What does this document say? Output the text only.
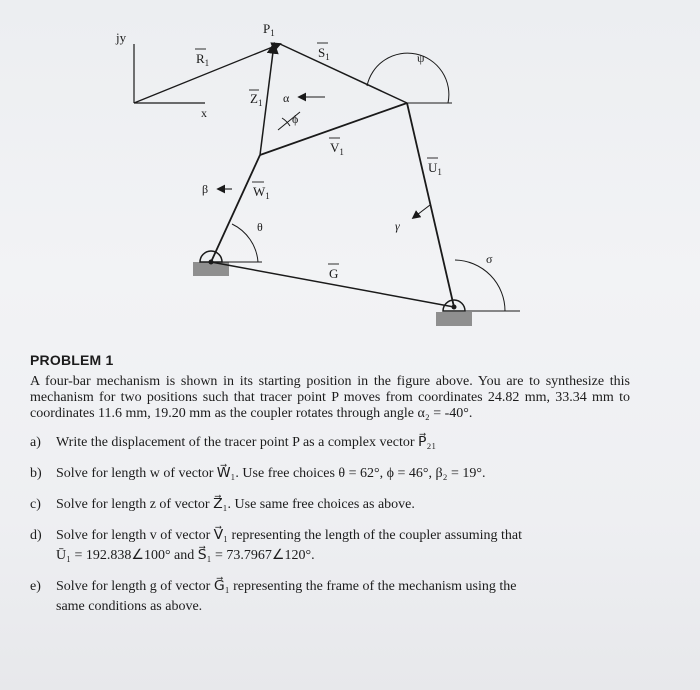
jy
x
$R_1$
$P_1$
$S_1$
$Z_1$ α
ϕ
$V_1$
ψ
$U_1$
β	$W_1$
θ	γ
G
σ
PROBLEM 1

A four-bar mechanism is shown in its starting position in the figure above. You are to synthesize this mechanism for two positions such that tracer point P moves from coordinates 24.82 mm, 33.34 mm to coordinates 11.6 mm, 19.20 mm as the coupler rotates through angle α₂ = -40°.

a)	Write the displacement of the tracer point P as a complex vector P⃗₂₁
b)	Solve for length w of vector W⃗₁. Use free choices θ = 62°, ϕ = 46°, β₂ = 19°.
c)	Solve for length z of vector Z⃗₁. Use same free choices as above.
d)	Solve for length v of vector V⃗₁ representing the length of the coupler assuming that
Ū₁ = 192.838∠100° and S⃗₁ = 73.7967∠120°.
e)	Solve for length g of vector G⃗₁ representing the frame of the mechanism using the
same conditions as above.
